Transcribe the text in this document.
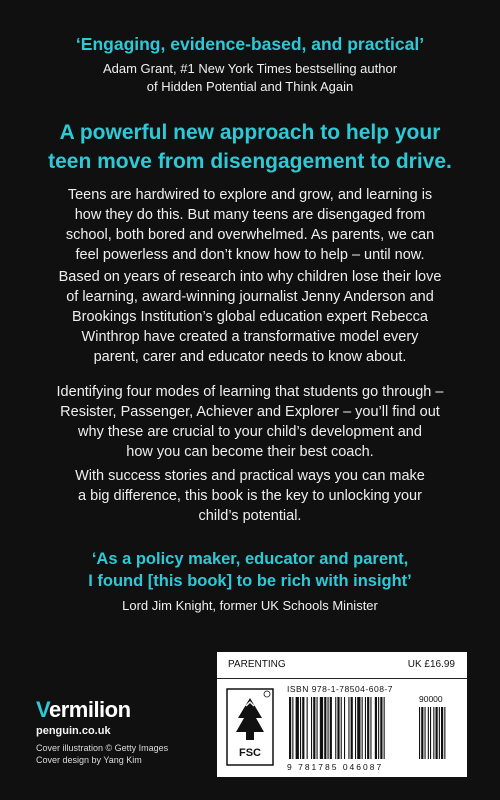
‘Engaging, evidence-based, and practical’
Adam Grant, #1 New York Times bestselling author
of Hidden Potential and Think Again
A powerful new approach to help your
teen move from disengagement to drive.
Teens are hardwired to explore and grow, and learning is
how they do this. But many teens are disengaged from
school, both bored and overwhelmed. As parents, we can
feel powerless and don’t know how to help – until now.
Based on years of research into why children lose their love
of learning, award-winning journalist Jenny Anderson and
Brookings Institution’s global education expert Rebecca
Winthrop have created a transformative model every
parent, carer and educator needs to know about.
Identifying four modes of learning that students go through –
Resister, Passenger, Achiever and Explorer – you’ll find out
why these are crucial to your child’s development and
how you can become their best coach.
With success stories and practical ways you can make
a big difference, this book is the key to unlocking your
child’s potential.
‘As a policy maker, educator and parent,
I found [this book] to be rich with insight’
Lord Jim Knight, former UK Schools Minister
Vermilion
penguin.co.uk
Cover illustration © Getty Images
Cover design by Yang Kim
PARENTING	UK £16.99
FSC
ISBN 978-1-78504-608-7
90000
9 781785 046087
